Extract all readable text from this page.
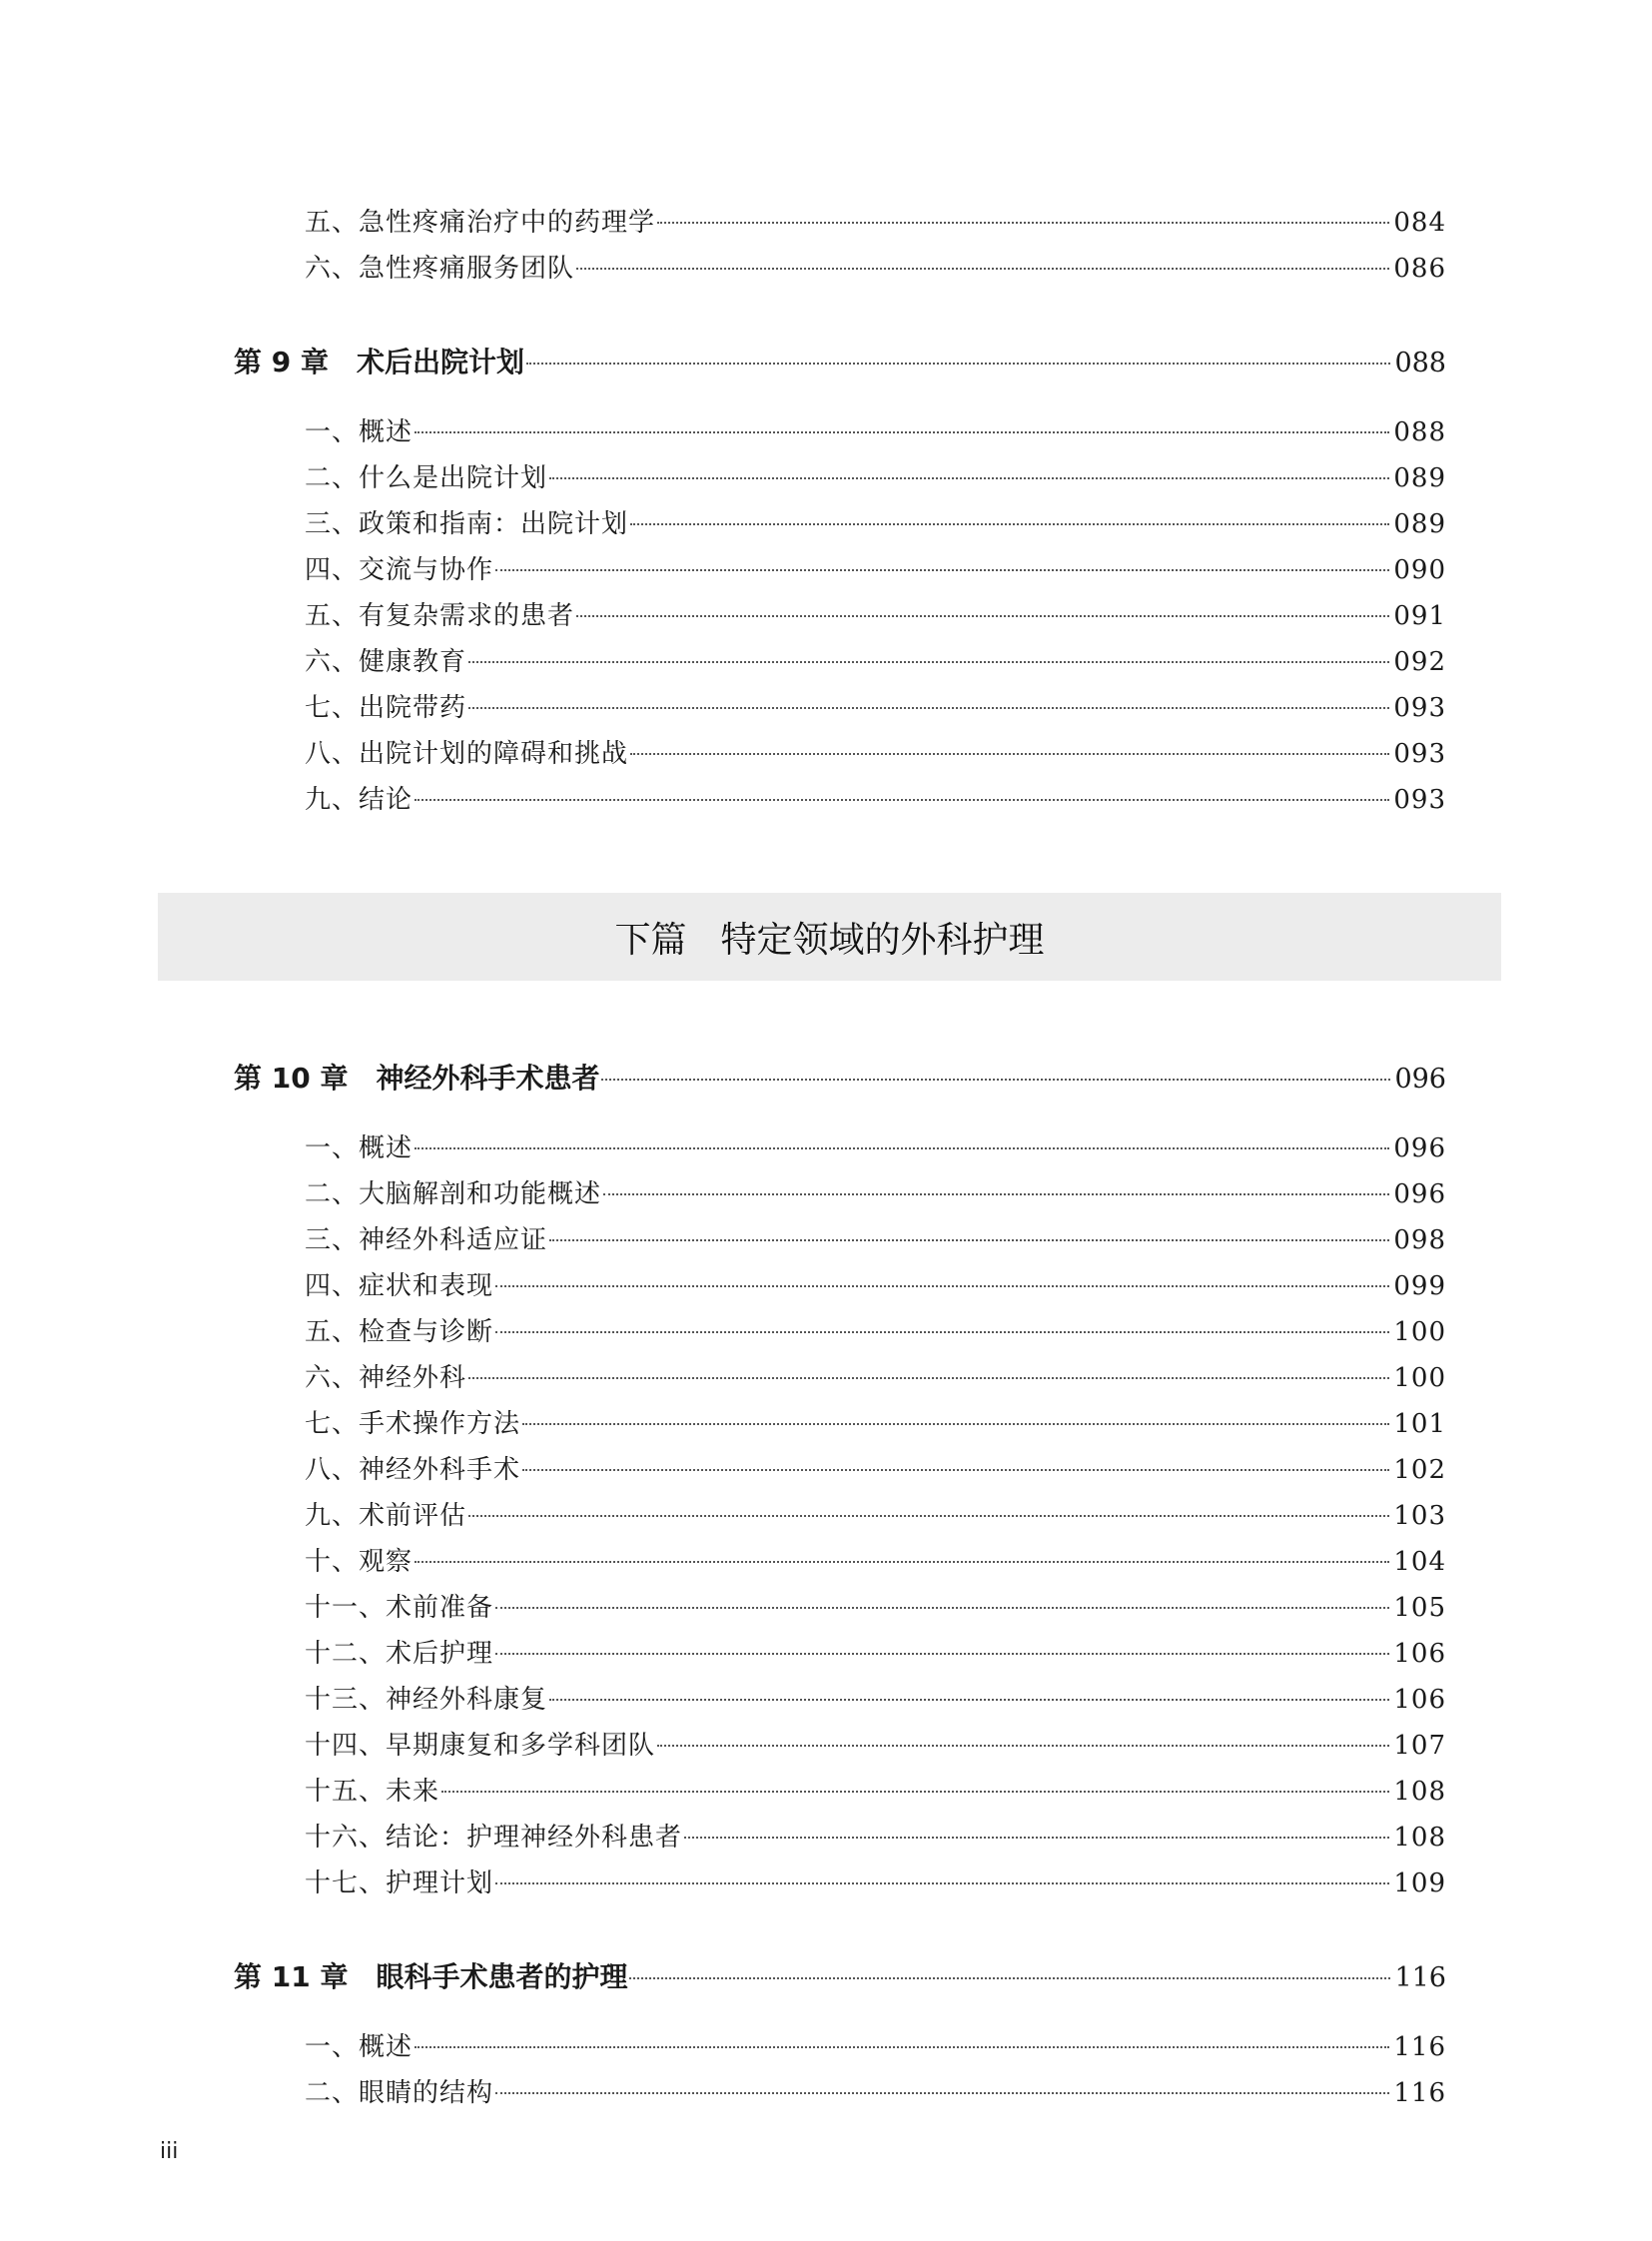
五、急性疼痛治疗中的药理学	084
六、急性疼痛服务团队	086
第 9 章 术后出院计划	088
一、概述	088
二、什么是出院计划	089
三、政策和指南：出院计划	089
四、交流与协作	090
五、有复杂需求的患者	091
六、健康教育	092
七、出院带药	093
八、出院计划的障碍和挑战	093
九、结论	093
下篇 特定领域的外科护理
第 10 章 神经外科手术患者	096
一、概述	096
二、大脑解剖和功能概述	096
三、神经外科适应证	098
四、症状和表现	099
五、检查与诊断	100
六、神经外科	100
七、手术操作方法	101
八、神经外科手术	102
九、术前评估	103
十、观察	104
十一、术前准备	105
十二、术后护理	106
十三、神经外科康复	106
十四、早期康复和多学科团队	107
十五、未来	108
十六、结论：护理神经外科患者	108
十七、护理计划	109
第 11 章 眼科手术患者的护理	116
一、概述	116
二、眼睛的结构	116
iii
